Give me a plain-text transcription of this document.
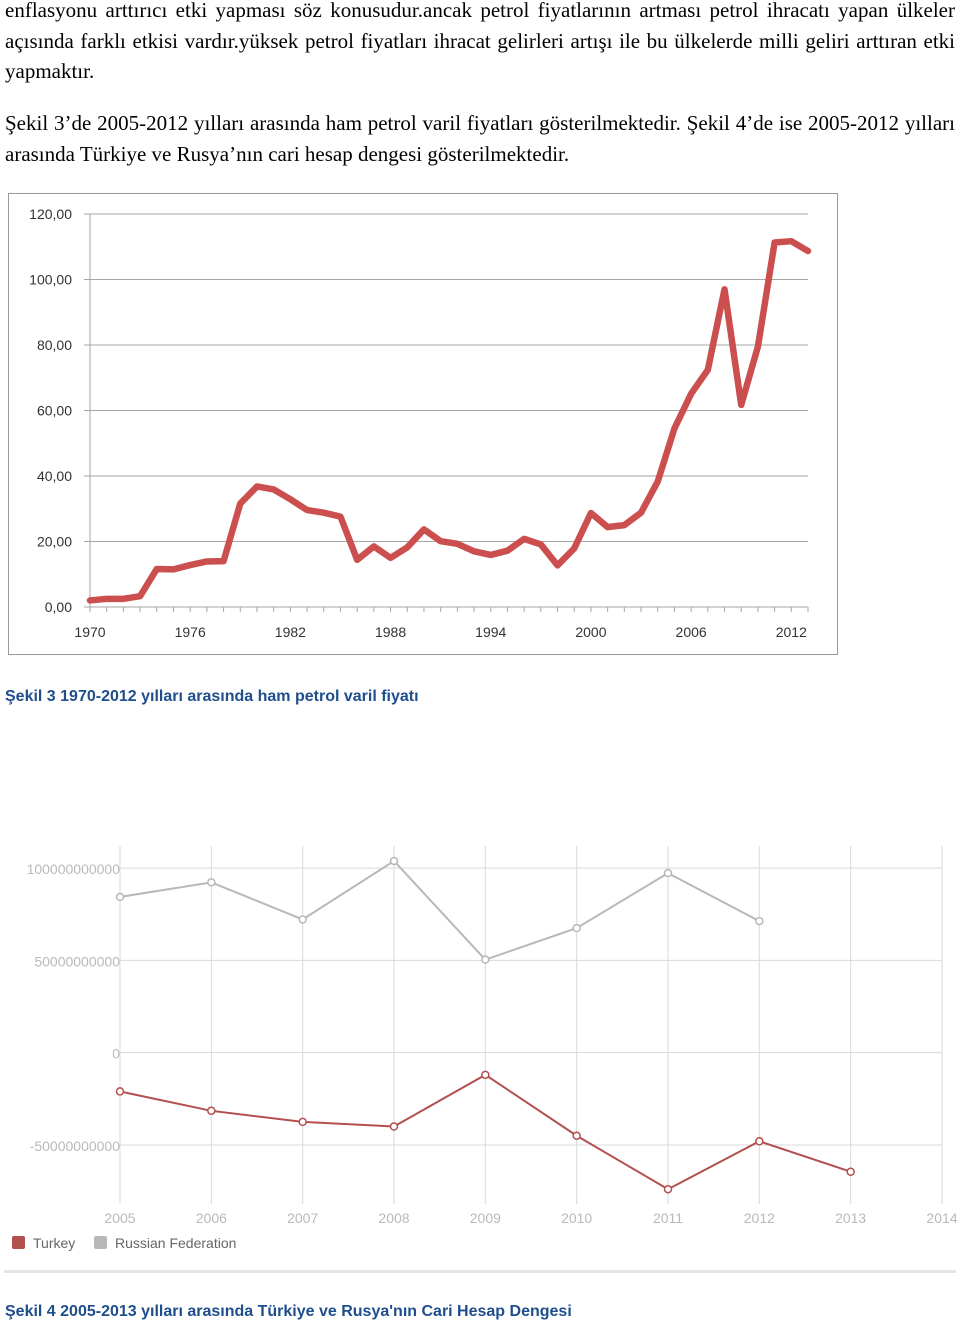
enflasyonu arttırıcı etki yapması söz konusudur.ancak petrol fiyatlarının artması petrol ihracatı yapan ülkeler açısında farklı etkisi vardır.yüksek petrol fiyatları ihracat gelirleri artışı ile bu ülkelerde milli geliri arttıran etki yapmaktır.

Şekil 3’de 2005-2012 yılları arasında ham petrol varil fiyatları gösterilmektedir. Şekil 4’de ise 2005-2012 yılları arasında Türkiye ve Rusya’nın cari hesap dengesi gösterilmektedir.

0,00
20,00
40,00
60,00
80,00
100,00
120,00
1970	1976	1982	1988	1994	2000	2006	2012

Şekil 3 1970-2012 yılları arasında ham petrol varil fiyatı

100000000000
50000000000
0
-50000000000
2005	2006	2007	2008	2009	2010	2011	2012	2013	2014
Turkey	Russian Federation

Şekil 4 2005-2013 yılları arasında Türkiye ve Rusya'nın Cari Hesap Dengesi
